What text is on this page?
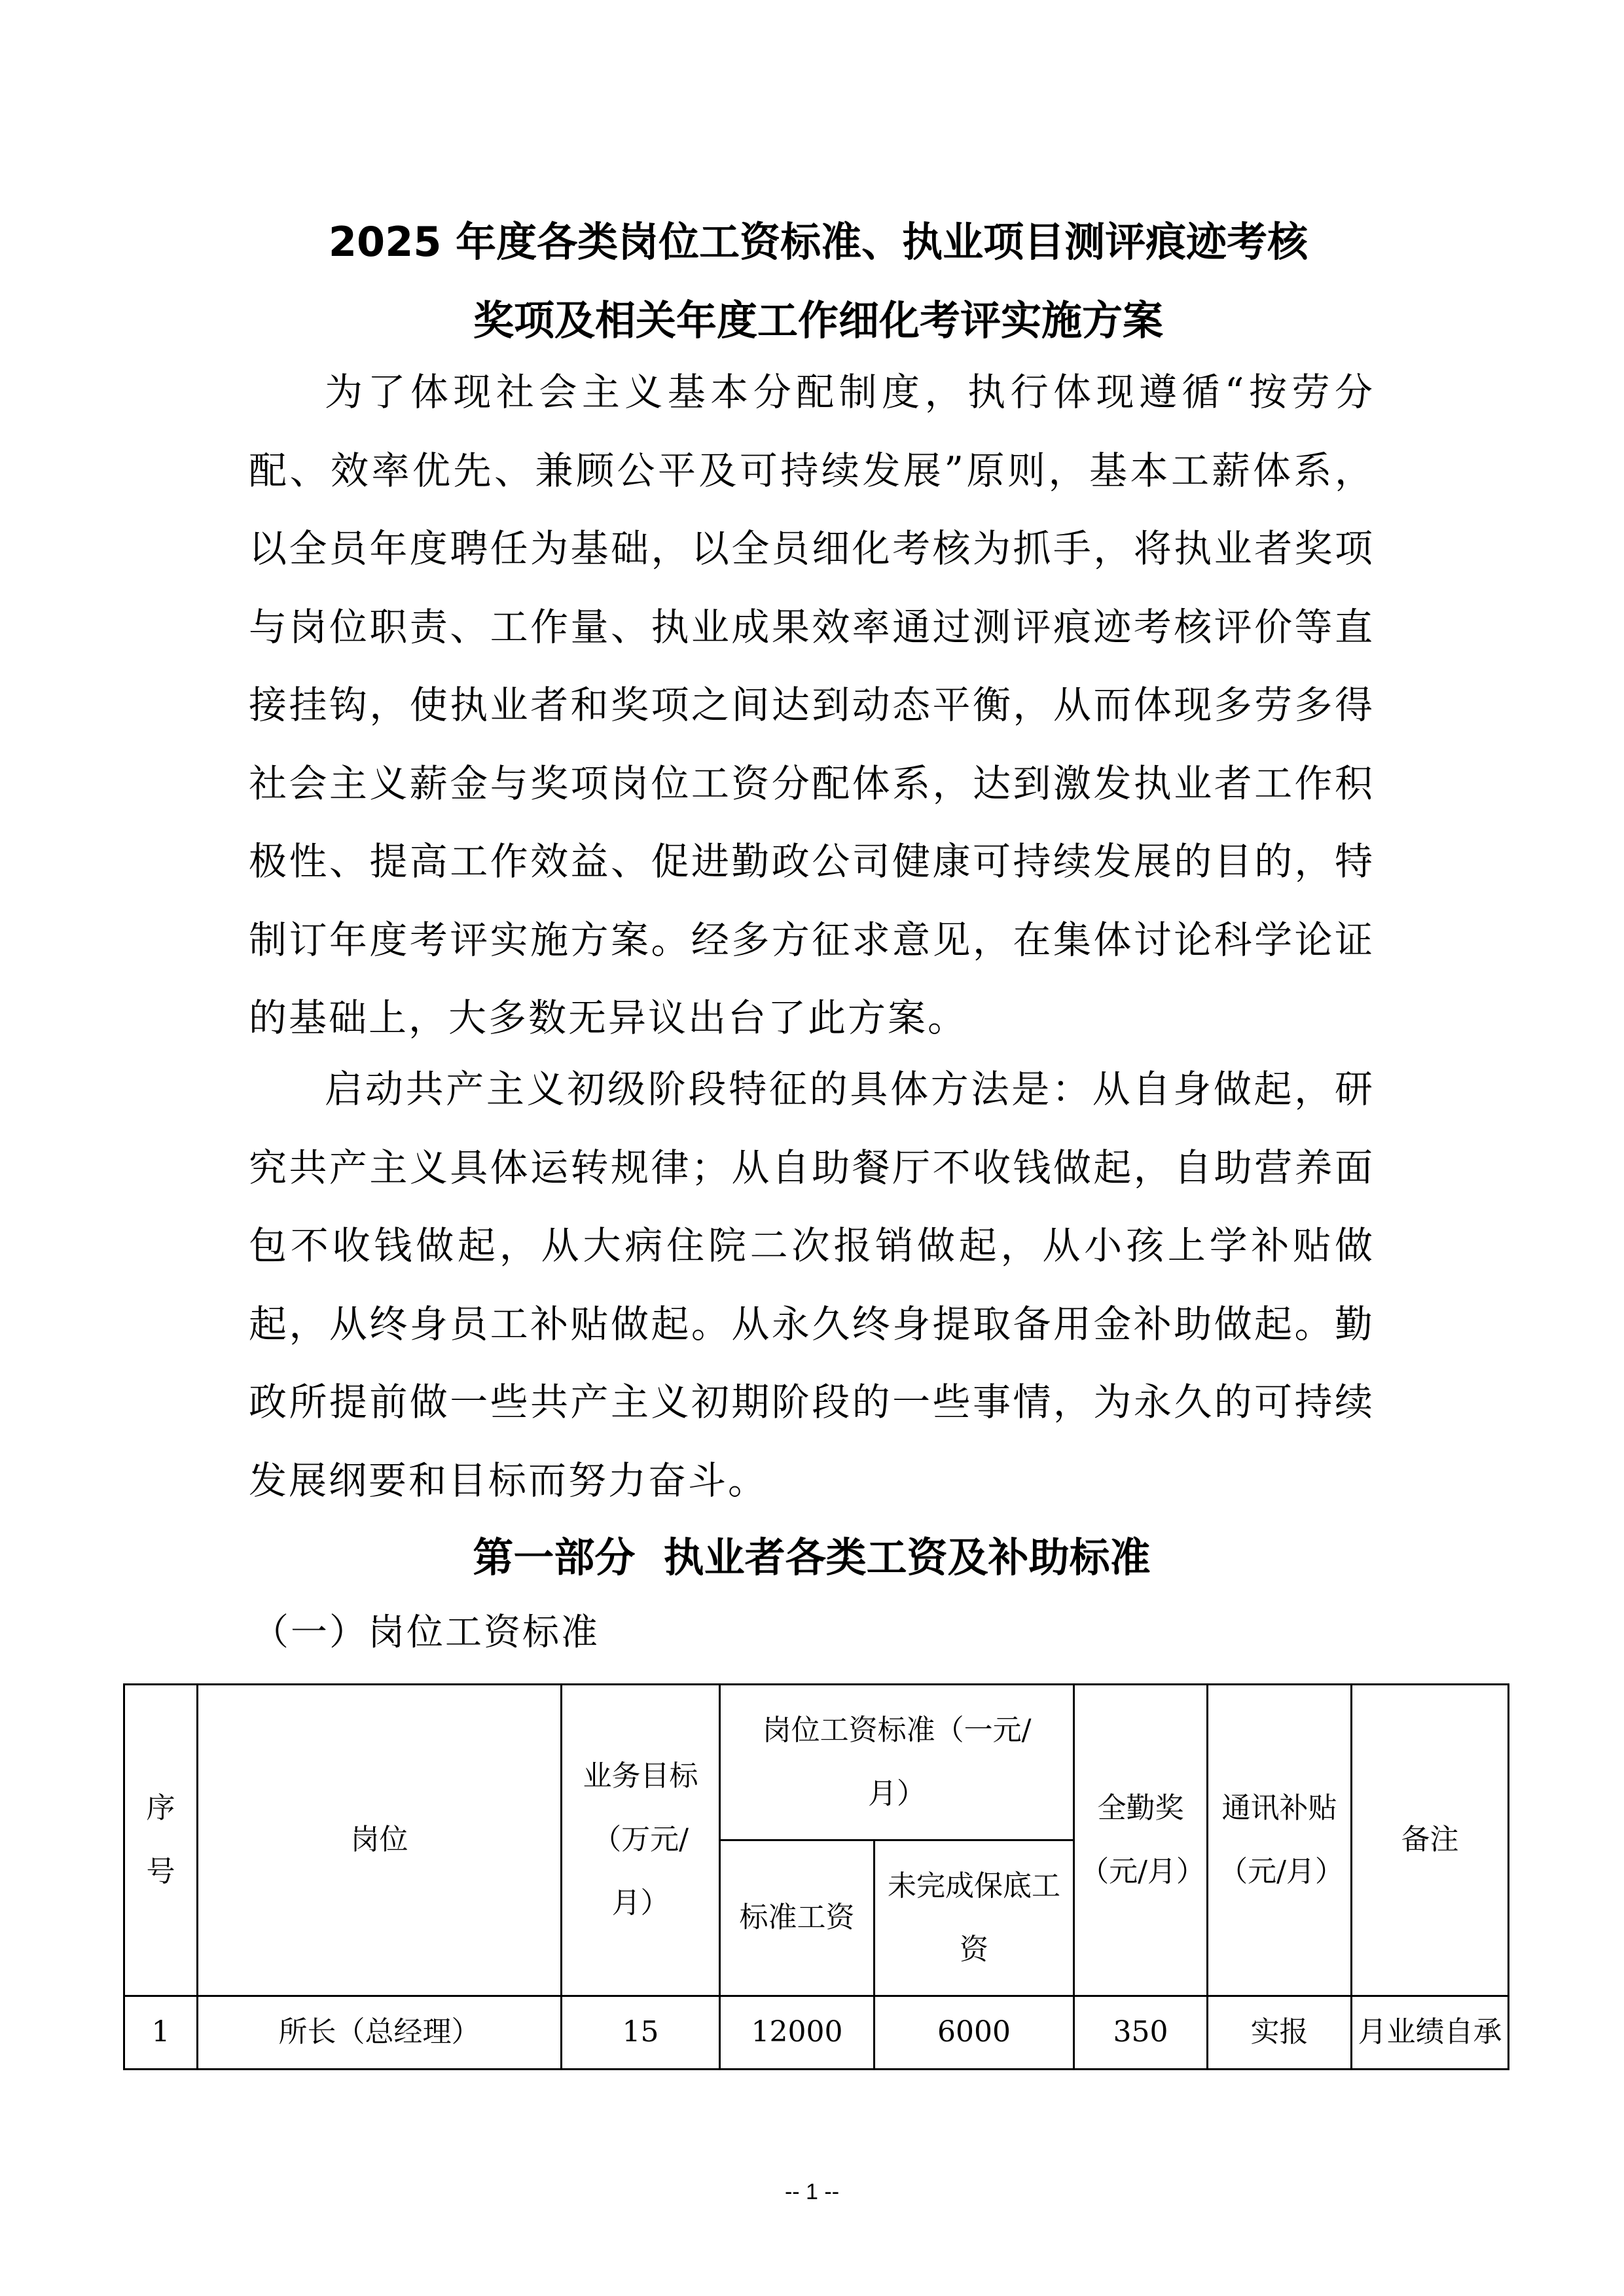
2025 年度各类岗位工资标准、执业项目测评痕迹考核
奖项及相关年度工作细化考评实施方案

为了体现社会主义基本分配制度，执行体现遵循“按劳分配、效率优先、兼顾公平及可持续发展”原则，基本工薪体系，以全员年度聘任为基础，以全员细化考核为抓手，将执业者奖项与岗位职责、工作量、执业成果效率通过测评痕迹考核评价等直接挂钩，使执业者和奖项之间达到动态平衡，从而体现多劳多得社会主义薪金与奖项岗位工资分配体系，达到激发执业者工作积极性、提高工作效益、促进勤政公司健康可持续发展的目的，特制订年度考评实施方案。经多方征求意见，在集体讨论科学论证的基础上，大多数无异议出台了此方案。

启动共产主义初级阶段特征的具体方法是：从自身做起，研究共产主义具体运转规律；从自助餐厅不收钱做起，自助营养面包不收钱做起，从大病住院二次报销做起，从小孩上学补贴做起，从终身员工补贴做起。从永久终身提取备用金补助做起。勤政所提前做一些共产主义初期阶段的一些事情，为永久的可持续发展纲要和目标而努力奋斗。

第一部分  执业者各类工资及补助标准
（一）岗位工资标准
序号	岗位	业务目标（万元/月）	岗位工资标准（一元/月）		全勤奖（元/月）	通讯补贴（元/月）	备注
			标准工资	未完成保底工资			

1	所长（总经理）	15	12000	6000	350	实报	月业绩自承
-- 1 --
